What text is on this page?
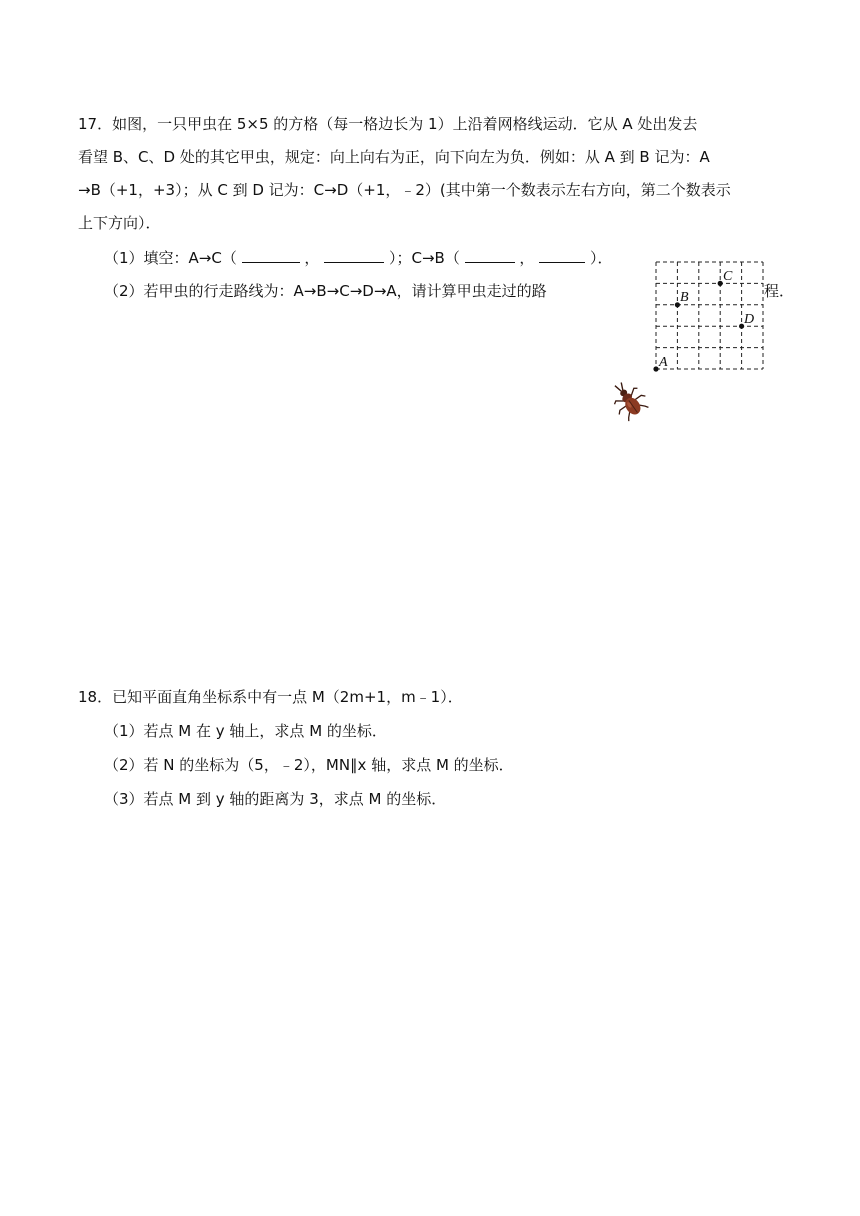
17．如图，一只甲虫在 5×5 的方格（每一格边长为 1）上沿着网格线运动．它从 A 处出发去
看望 B、C、D 处的其它甲虫，规定：向上向右为正，向下向左为负．例如：从 A 到 B 记为：A
→B（+1，+3）；从 C 到 D 记为：C→D（+1，﹣2）(其中第一个数表示左右方向，第二个数表示
上下方向）．
（1）填空：A→C（	，	）；C→B（	，	）．
（2）若甲虫的行走路线为：A→B→C→D→A，请计算甲虫走过的路	程．
A
B
C
D
18．已知平面直角坐标系中有一点 M（2m+1，m﹣1）．
（1）若点 M 在 y 轴上，求点 M 的坐标．
（2）若 N 的坐标为（5，﹣2），MN∥x 轴，求点 M 的坐标．
（3）若点 M 到 y 轴的距离为 3，求点 M 的坐标．
